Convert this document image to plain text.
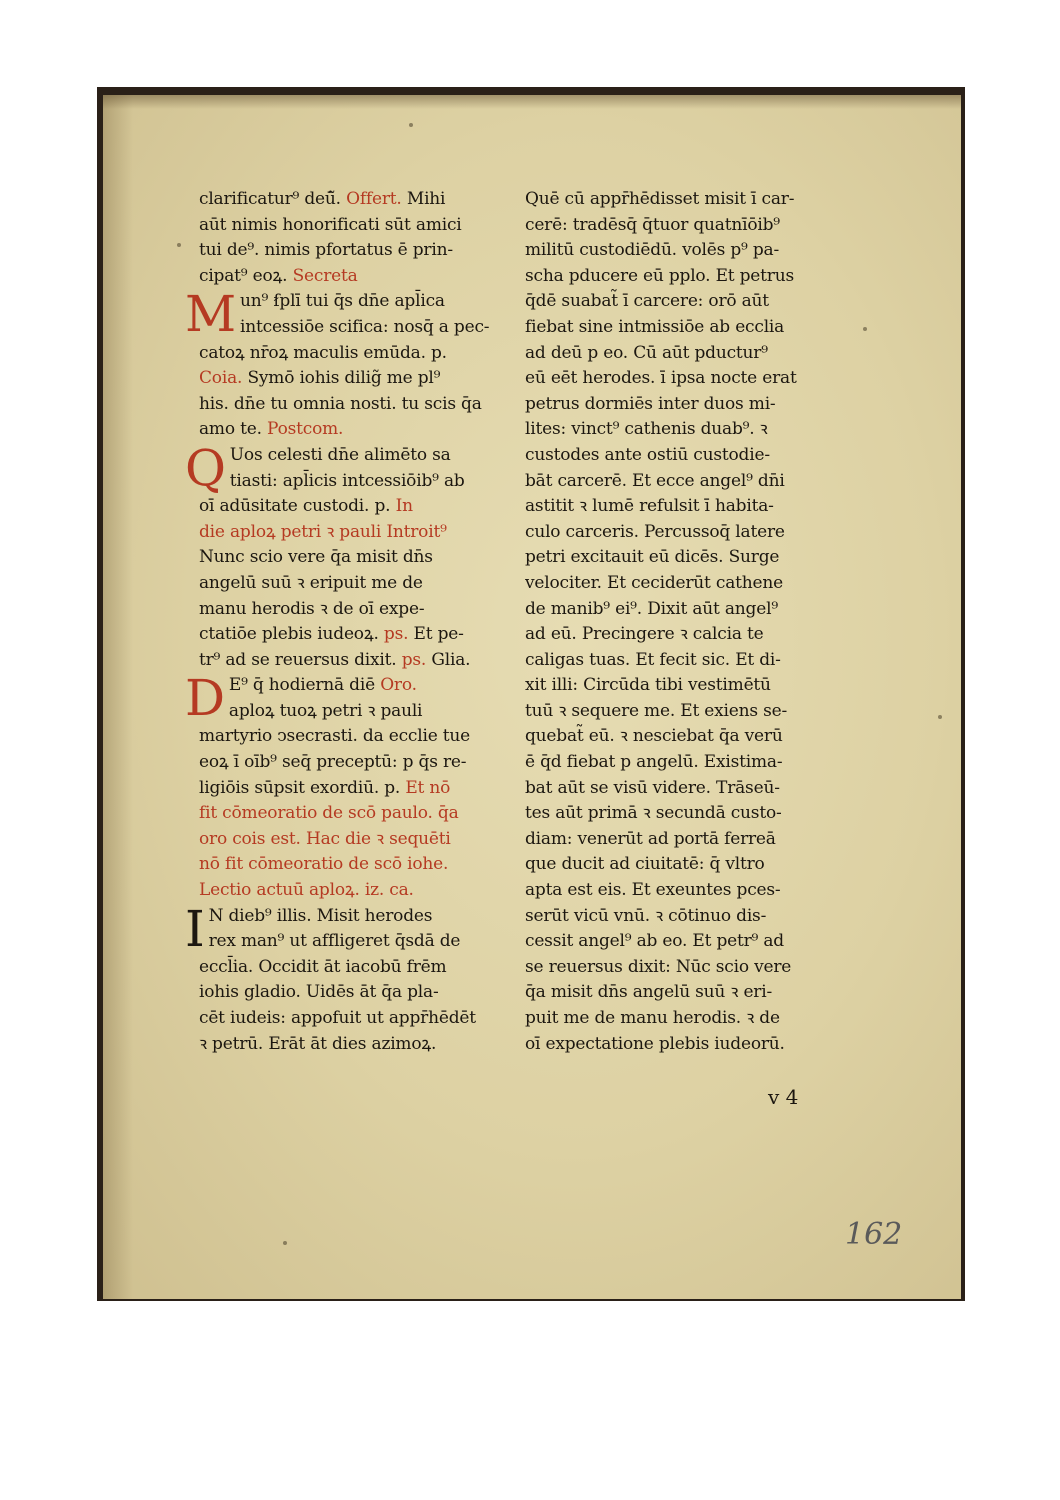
clarificatur⁹ deū̃. Offert. Mihi
aūt nimis honorificati sūt amici
tui de⁹. nimis pfortatus ē prin-
cipat⁹ eoꝝ. Secreta
M un⁹ ẜplī tui q̄s dn̄e apl̄ica
intcessiōe scifica: nosq̄ a pec-
catoꝝ nr̄oꝝ maculis emūda. p.
Coia. Symō iohis dilig̃ me pl⁹
his. dn̄e tu omnia nosti. tu scis q̄a
amo te. Postcom.
Q Uos celesti dn̄e alimēto sa
tiasti: apl̄icis intcessiōib⁹ ab
oī adūsitate custodi. p. In
die aploꝝ petri ꝛ pauli Introit⁹
Nunc scio vere q̄a misit dn̄s
angelū suū ꝛ eripuit me de
manu herodis ꝛ de oī expe-
ctatiōe plebis iudeoꝝ. ps. Et pe-
tr⁹ ad se reuersus dixit. ps. Glia.
D E⁹ q̄ hodiernā diē Oro.
aploꝝ tuoꝝ petri ꝛ pauli
martyrio ↄsecrasti. da ecclie tue
eoꝝ ī oīb⁹ seq̄ preceptū: p q̄s re-
ligiōis sūpsit exordiū. p. Et nō
fit cōmeoratio de scō paulo. q̄a
oro cois est. Hac die ꝛ sequēti
nō fit cōmeoratio de scō iohe.
Lectio actuū aploꝝ. iz. ca.
I N dieb⁹ illis. Misit herodes
rex man⁹ ut affligeret q̄sdā de
eccl̄ia. Occidit āt iacobū frēm
iohis gladio. Uidēs āt q̄a pla-
cēt iudeis: appofuit ut appr̄hēdēt
ꝛ petrū. Erāt āt dies azimoꝝ.
Quē cū appr̄hēdisset misit ī car-
cerē: tradēsq̄ q̄tuor quatnīōib⁹
militū custodiēdū. volēs p⁹ pa-
scha pducere eū pplo. Et petrus
q̄dē suabat̃ ī carcere: orō aūt
fiebat sine intmissiōe ab ecclia
ad deū p eo. Cū aūt pductur⁹
eū eēt herodes. ī ipsa nocte erat
petrus dormiēs inter duos mi-
lites: vinct⁹ cathenis duab⁹. ꝛ
custodes ante ostiū custodie-
bāt carcerē. Et ecce angel⁹ dn̄i
astitit ꝛ lumē refulsit ī habita-
culo carceris. Percussoq̄ latere
petri excitauit eū dicēs. Surge
velociter. Et ceciderūt cathene
de manib⁹ ei⁹. Dixit aūt angel⁹
ad eū. Precingere ꝛ calcia te
caligas tuas. Et fecit sic. Et di-
xit illi: Circūda tibi vestimētū
tuū ꝛ sequere me. Et exiens se-
quebat̃ eū. ꝛ nesciebat q̄a verū
ē q̄d fiebat p angelū. Existima-
bat aūt se visū videre. Trāseū-
tes aūt primā ꝛ secundā custo-
diam: venerūt ad portā ferreā
que ducit ad ciuitatē: q̄ vltro
apta est eis. Et exeuntes pces-
serūt vicū vnū. ꝛ cōtinuo dis-
cessit angel⁹ ab eo. Et petr⁹ ad
se reuersus dixit: Nūc scio vere
q̄a misit dn̄s angelū suū ꝛ eri-
puit me de manu herodis. ꝛ de
oī expectatione plebis iudeorū.
v 4
162
